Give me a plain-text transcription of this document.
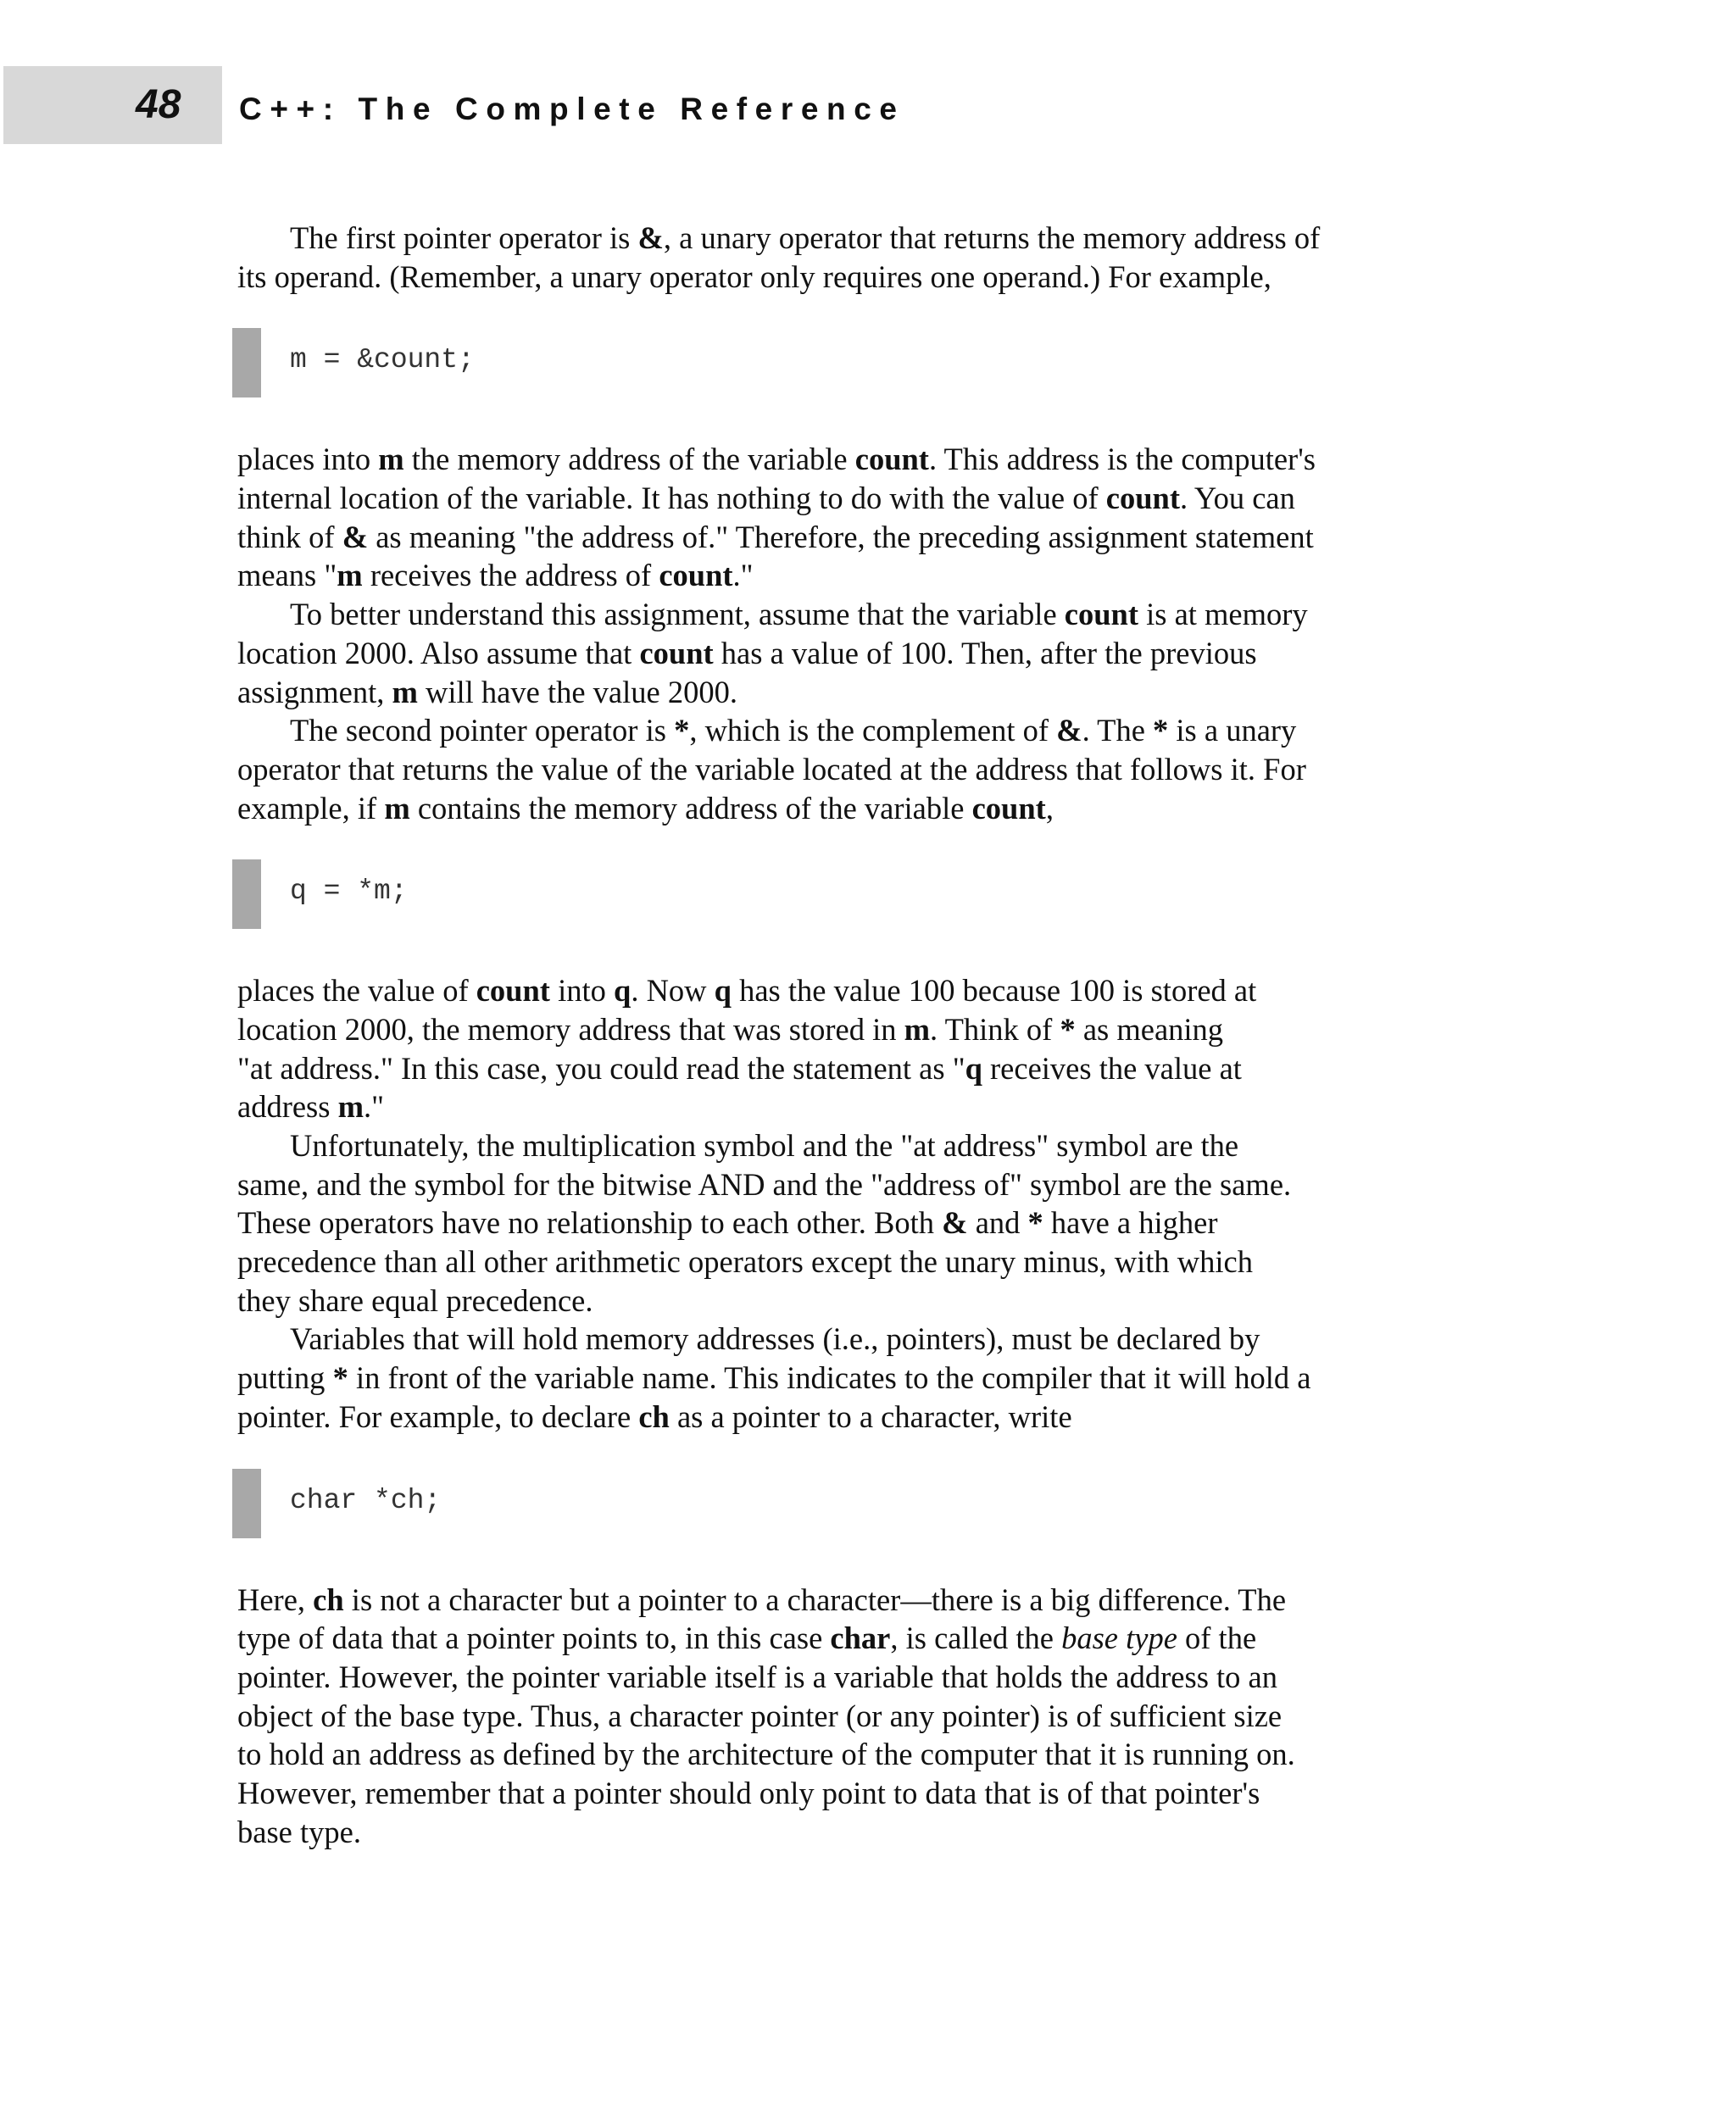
48 C++: The Complete Reference
The first pointer operator is &, a unary operator that returns the memory address of
its operand. (Remember, a unary operator only requires one operand.) For example,
m = &count;
places into m the memory address of the variable count. This address is the computer's
internal location of the variable. It has nothing to do with the value of count. You can
think of & as meaning "the address of." Therefore, the preceding assignment statement
means "m receives the address of count."
To better understand this assignment, assume that the variable count is at memory
location 2000. Also assume that count has a value of 100. Then, after the previous
assignment, m will have the value 2000.
The second pointer operator is *, which is the complement of &. The * is a unary
operator that returns the value of the variable located at the address that follows it. For
example, if m contains the memory address of the variable count,
q = *m;
places the value of count into q. Now q has the value 100 because 100 is stored at
location 2000, the memory address that was stored in m. Think of * as meaning
"at address." In this case, you could read the statement as "q receives the value at
address m."
Unfortunately, the multiplication symbol and the "at address" symbol are the
same, and the symbol for the bitwise AND and the "address of" symbol are the same.
These operators have no relationship to each other. Both & and * have a higher
precedence than all other arithmetic operators except the unary minus, with which
they share equal precedence.
Variables that will hold memory addresses (i.e., pointers), must be declared by
putting * in front of the variable name. This indicates to the compiler that it will hold a
pointer. For example, to declare ch as a pointer to a character, write
char *ch;
Here, ch is not a character but a pointer to a character—there is a big difference. The
type of data that a pointer points to, in this case char, is called the base type of the
pointer. However, the pointer variable itself is a variable that holds the address to an
object of the base type. Thus, a character pointer (or any pointer) is of sufficient size
to hold an address as defined by the architecture of the computer that it is running on.
However, remember that a pointer should only point to data that is of that pointer's
base type.
